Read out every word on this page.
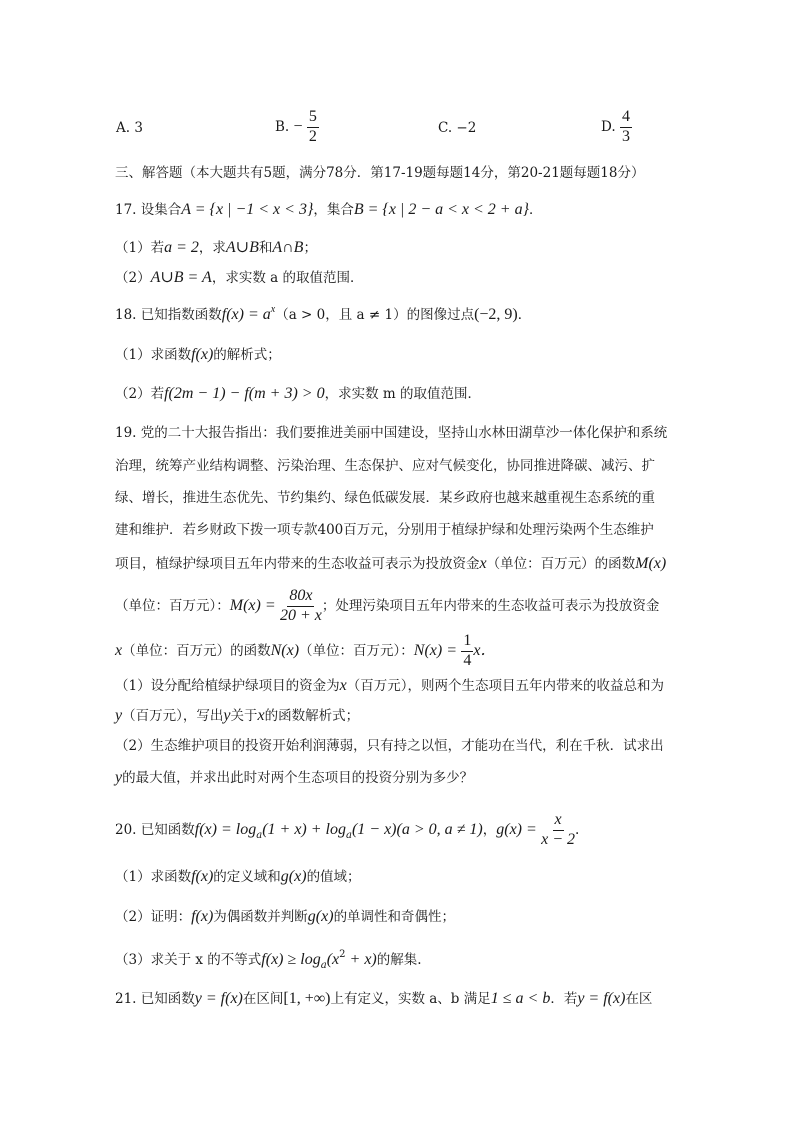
A. 3	B. − $\frac{5}{2}$	C. −2	D. $\frac{4}{3}$
三、解答题（本大题共有5题，满分78分．第17-19题每题14分，第20-21题每题18分）
17. 设集合A = {x | −1 < x < 3}，集合B = {x | 2 − a < x < 2 + a}．
（1）若a = 2，求A∪B和A∩B；
（2）A∪B = A，求实数 a 的取值范围．
18. 已知指数函数$f(x) = a^x(a > 0$，且 a ≠ 1）的图像过点(−2, 9)．
（1）求函数f(x)的解析式；
（2）若f(2m − 1) − f(m + 3) > 0，求实数 m 的取值范围．
19. 党的二十大报告指出：我们要推进美丽中国建设，坚持山水林田湖草沙一体化保护和系统
治理，统筹产业结构调整、污染治理、生态保护、应对气候变化，协同推进降碳、减污、扩
绿、增长，推进生态优先、节约集约、绿色低碳发展．某乡政府也越来越重视生态系统的重
建和维护．若乡财政下拨一项专款400百万元，分别用于植绿护绿和处理污染两个生态维护
项目，植绿护绿项目五年内带来的生态收益可表示为投放资金x（单位：百万元）的函数M(x)
（单位：百万元）：$M(x) = \frac{80x}{20 + x}$ ；处理污染项目五年内带来的生态收益可表示为投放资金
x（单位：百万元）的函数N(x)（单位：百万元）：$N(x) = \frac{1}{4}$ x．
（1）设分配给植绿护绿项目的资金为x（百万元），则两个生态项目五年内带来的收益总和为
y（百万元），写出y关于x的函数解析式；
（2）生态维护项目的投资开始利润薄弱，只有持之以恒，才能功在当代，利在千秋．试求出
y的最大值，并求出此时对两个生态项目的投资分别为多少？
20. 已知函数$f(x) = \log_a(1 + x) + \log_a(1 - x)(a > 0$, a ≠ 1)，$g(x) = \frac{x}{x - 2}$ .
（1）求函数f(x)的定义域和g(x)的值域；
（2）证明：f(x)为偶函数并判断g(x)的单调性和奇偶性；
（3）求关于 x 的不等式$f(x) \ge \log_a(x^2 + x)$的解集.
21. 已知函数y = f(x)在区间[1, +∞)上有定义，实数 a、b 满足1 ≤ a < b．若y = f(x)在区
